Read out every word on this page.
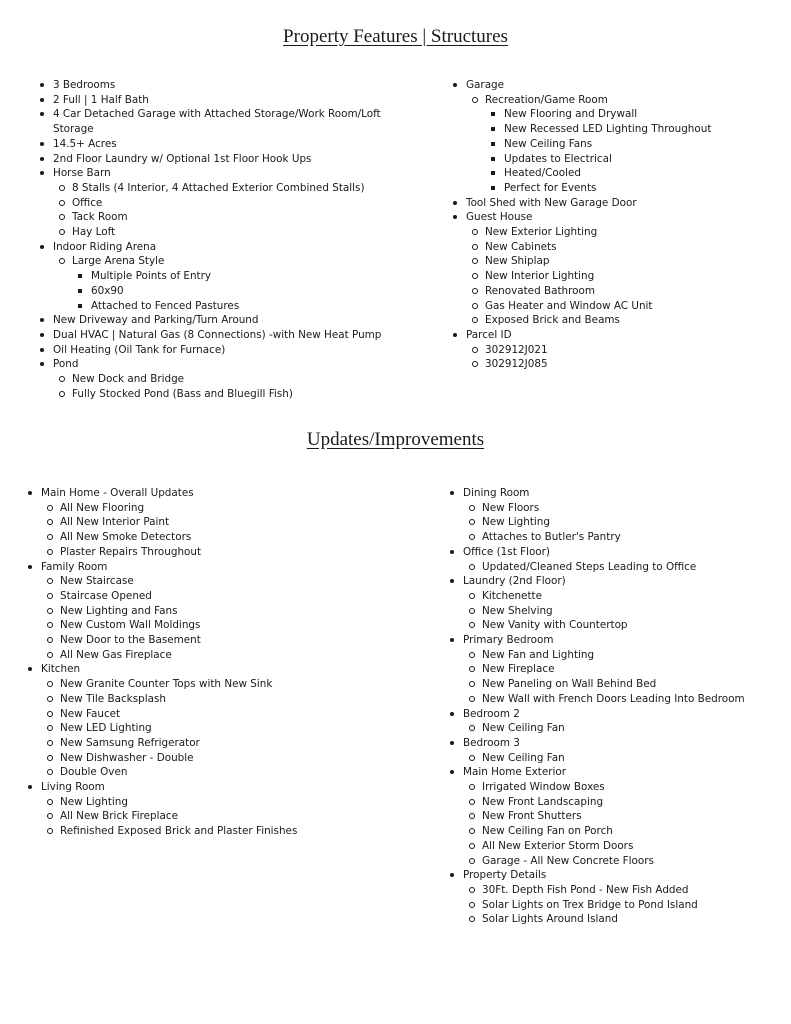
Property Features | Structures
3 Bedrooms
2 Full | 1 Half Bath
4 Car Detached Garage with Attached Storage/Work Room/Loft Storage
14.5+ Acres
2nd Floor Laundry w/ Optional 1st Floor Hook Ups
Horse Barn
8 Stalls (4 Interior, 4 Attached Exterior Combined Stalls)
Office
Tack Room
Hay Loft
Indoor Riding Arena
Large Arena Style
Multiple Points of Entry
60x90
Attached to Fenced Pastures
New Driveway and Parking/Turn Around
Dual HVAC | Natural Gas (8 Connections) -with New Heat Pump
Oil Heating (Oil Tank for Furnace)
Pond
New Dock and Bridge
Fully Stocked Pond (Bass and Bluegill Fish)
Garage
Recreation/Game Room
New Flooring and Drywall
New Recessed LED Lighting Throughout
New Ceiling Fans
Updates to Electrical
Heated/Cooled
Perfect for Events
Tool Shed with New Garage Door
Guest House
New Exterior Lighting
New Cabinets
New Shiplap
New Interior Lighting
Renovated Bathroom
Gas Heater and Window AC Unit
Exposed Brick and Beams
Parcel ID
302912J021
302912J085
Updates/Improvements
Main Home - Overall Updates
All New Flooring
All New Interior Paint
All New Smoke Detectors
Plaster Repairs Throughout
Family Room
New Staircase
Staircase Opened
New Lighting and Fans
New Custom Wall Moldings
New Door to the Basement
All New Gas Fireplace
Kitchen
New Granite Counter Tops with New Sink
New Tile Backsplash
New Faucet
New LED Lighting
New Samsung Refrigerator
New Dishwasher - Double
Double Oven
Living Room
New Lighting
All New Brick Fireplace
Refinished Exposed Brick and Plaster Finishes
Dining Room
New Floors
New Lighting
Attaches to Butler's Pantry
Office (1st Floor)
Updated/Cleaned Steps Leading to Office
Laundry (2nd Floor)
Kitchenette
New Shelving
New Vanity with Countertop
Primary Bedroom
New Fan and Lighting
New Fireplace
New Paneling on Wall Behind Bed
New Wall with French Doors Leading Into Bedroom
Bedroom 2
New Ceiling Fan
Bedroom 3
New Ceiling Fan
Main Home Exterior
Irrigated Window Boxes
New Front Landscaping
New Front Shutters
New Ceiling Fan on Porch
All New Exterior Storm Doors
Garage - All New Concrete Floors
Property Details
30Ft. Depth Fish Pond - New Fish Added
Solar Lights on Trex Bridge to Pond Island
Solar Lights Around Island
